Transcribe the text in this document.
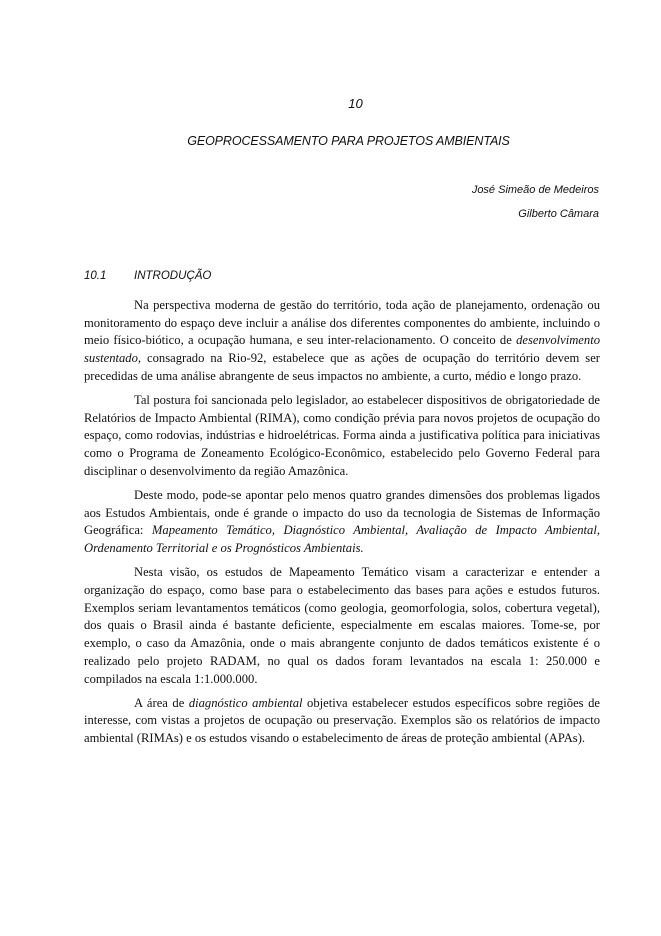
10
GEOPROCESSAMENTO PARA PROJETOS AMBIENTAIS
José Simeão de Medeiros
Gilberto Câmara
10.1 INTRODUÇÃO

Na perspectiva moderna de gestão do território, toda ação de planejamento, ordenação ou monitoramento do espaço deve incluir a análise dos diferentes componentes do ambiente, incluindo o meio físico-biótico, a ocupação humana, e seu inter-relacionamento. O conceito de desenvolvimento sustentado, consagrado na Rio-92, estabelece que as ações de ocupação do território devem ser precedidas de uma análise abrangente de seus impactos no ambiente, a curto, médio e longo prazo.

Tal postura foi sancionada pelo legislador, ao estabelecer dispositivos de obrigatoriedade de Relatórios de Impacto Ambiental (RIMA), como condição prévia para novos projetos de ocupação do espaço, como rodovias, indústrias e hidroelétricas. Forma ainda a justificativa política para iniciativas como o Programa de Zoneamento Ecológico-Econômico, estabelecido pelo Governo Federal para disciplinar o desenvolvimento da região Amazônica.

Deste modo, pode-se apontar pelo menos quatro grandes dimensões dos problemas ligados aos Estudos Ambientais, onde é grande o impacto do uso da tecnologia de Sistemas de Informação Geográfica: Mapeamento Temático, Diagnóstico Ambiental, Avaliação de Impacto Ambiental, Ordenamento Territorial e os Prognósticos Ambientais.

Nesta visão, os estudos de Mapeamento Temático visam a caracterizar e entender a organização do espaço, como base para o estabelecimento das bases para ações e estudos futuros. Exemplos seriam levantamentos temáticos (como geologia, geomorfologia, solos, cobertura vegetal), dos quais o Brasil ainda é bastante deficiente, especialmente em escalas maiores. Tome-se, por exemplo, o caso da Amazônia, onde o mais abrangente conjunto de dados temáticos existente é o realizado pelo projeto RADAM, no qual os dados foram levantados na escala 1: 250.000 e compilados na escala 1:1.000.000.

A área de diagnóstico ambiental objetiva estabelecer estudos específicos sobre regiões de interesse, com vistas a projetos de ocupação ou preservação. Exemplos são os relatórios de impacto ambiental (RIMAs) e os estudos visando o estabelecimento de áreas de proteção ambiental (APAs).
